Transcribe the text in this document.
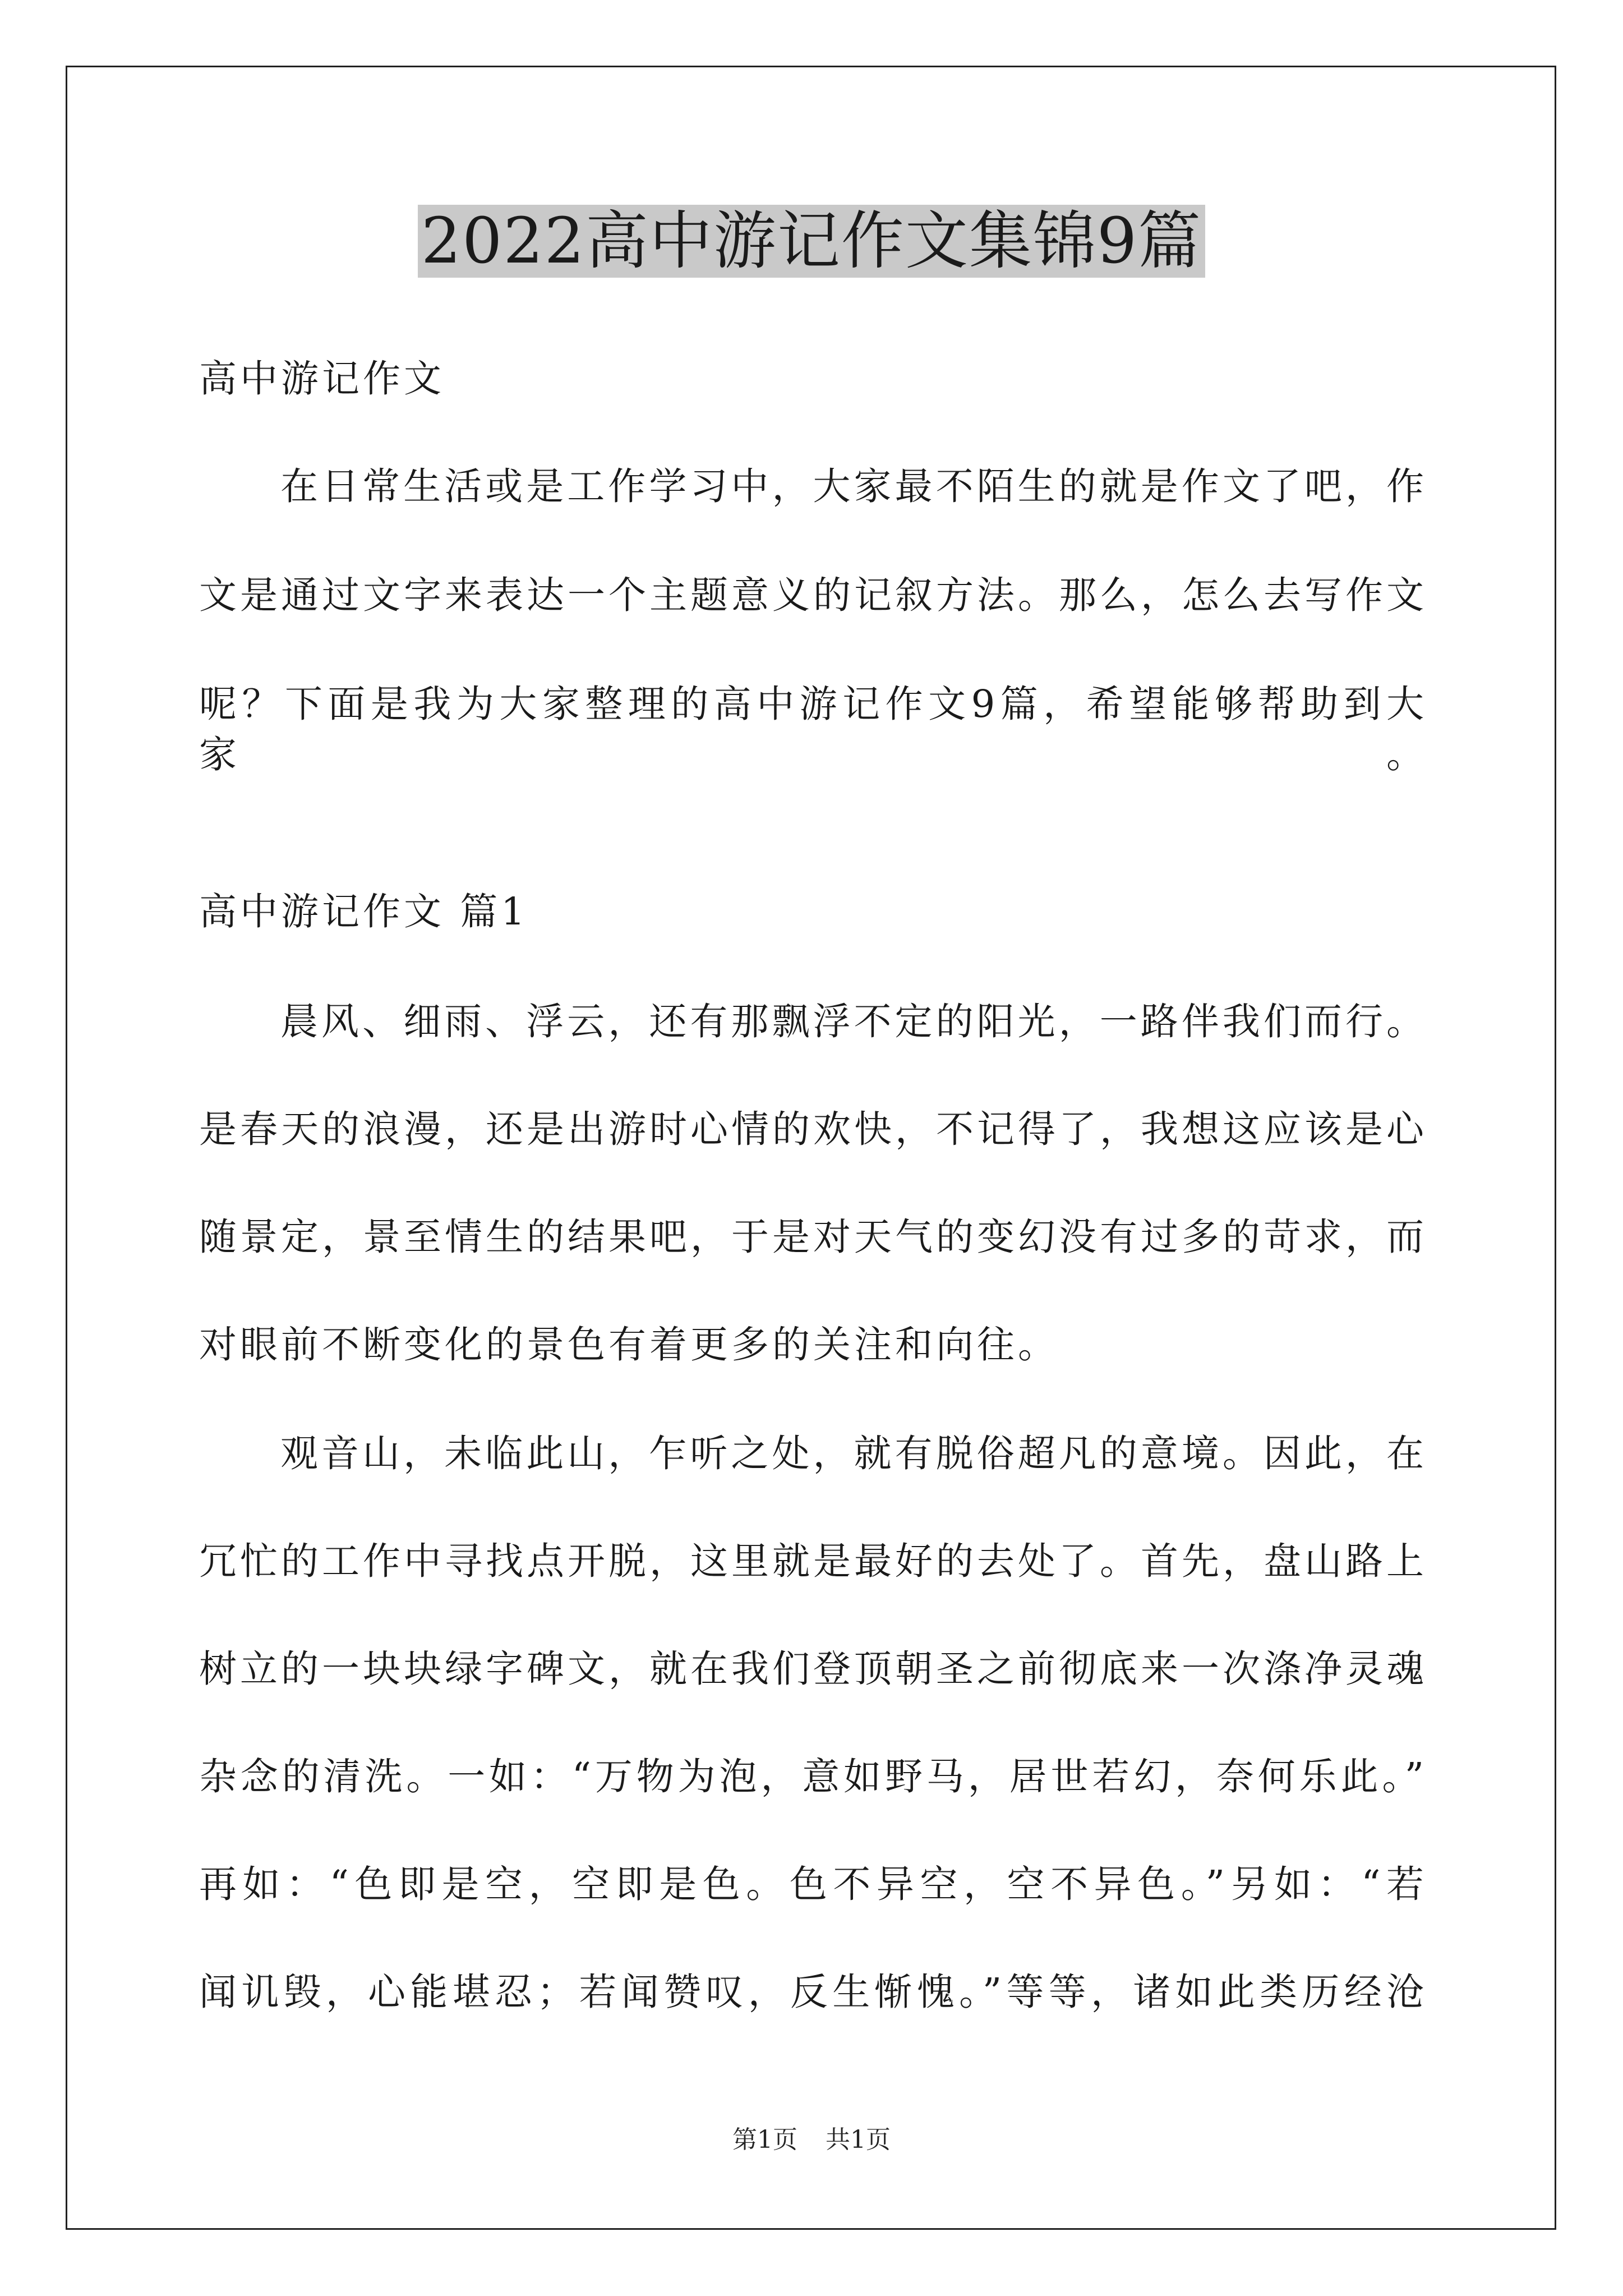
2022高中游记作文集锦9篇
高中游记作文
在日常生活或是工作学习中，大家最不陌生的就是作文了吧，作
文是通过文字来表达一个主题意义的记叙方法。那么，怎么去写作文
呢？下面是我为大家整理的高中游记作文9篇，希望能够帮助到大家。
高中游记作文 篇1
晨风、细雨、浮云，还有那飘浮不定的阳光，一路伴我们而行。
是春天的浪漫，还是出游时心情的欢快，不记得了，我想这应该是心
随景定，景至情生的结果吧，于是对天气的变幻没有过多的苛求，而
对眼前不断变化的景色有着更多的关注和向往。
观音山，未临此山，乍听之处，就有脱俗超凡的意境。因此，在
冗忙的工作中寻找点开脱，这里就是最好的去处了。首先，盘山路上
树立的一块块绿字碑文，就在我们登顶朝圣之前彻底来一次涤净灵魂
杂念的清洗。一如：“万物为泡，意如野马，居世若幻，奈何乐此。”
再如：“色即是空，空即是色。色不异空，空不异色。”另如：“若
闻讥毁，心能堪忍；若闻赞叹，反生惭愧。”等等，诸如此类历经沧
第1页 共1页
